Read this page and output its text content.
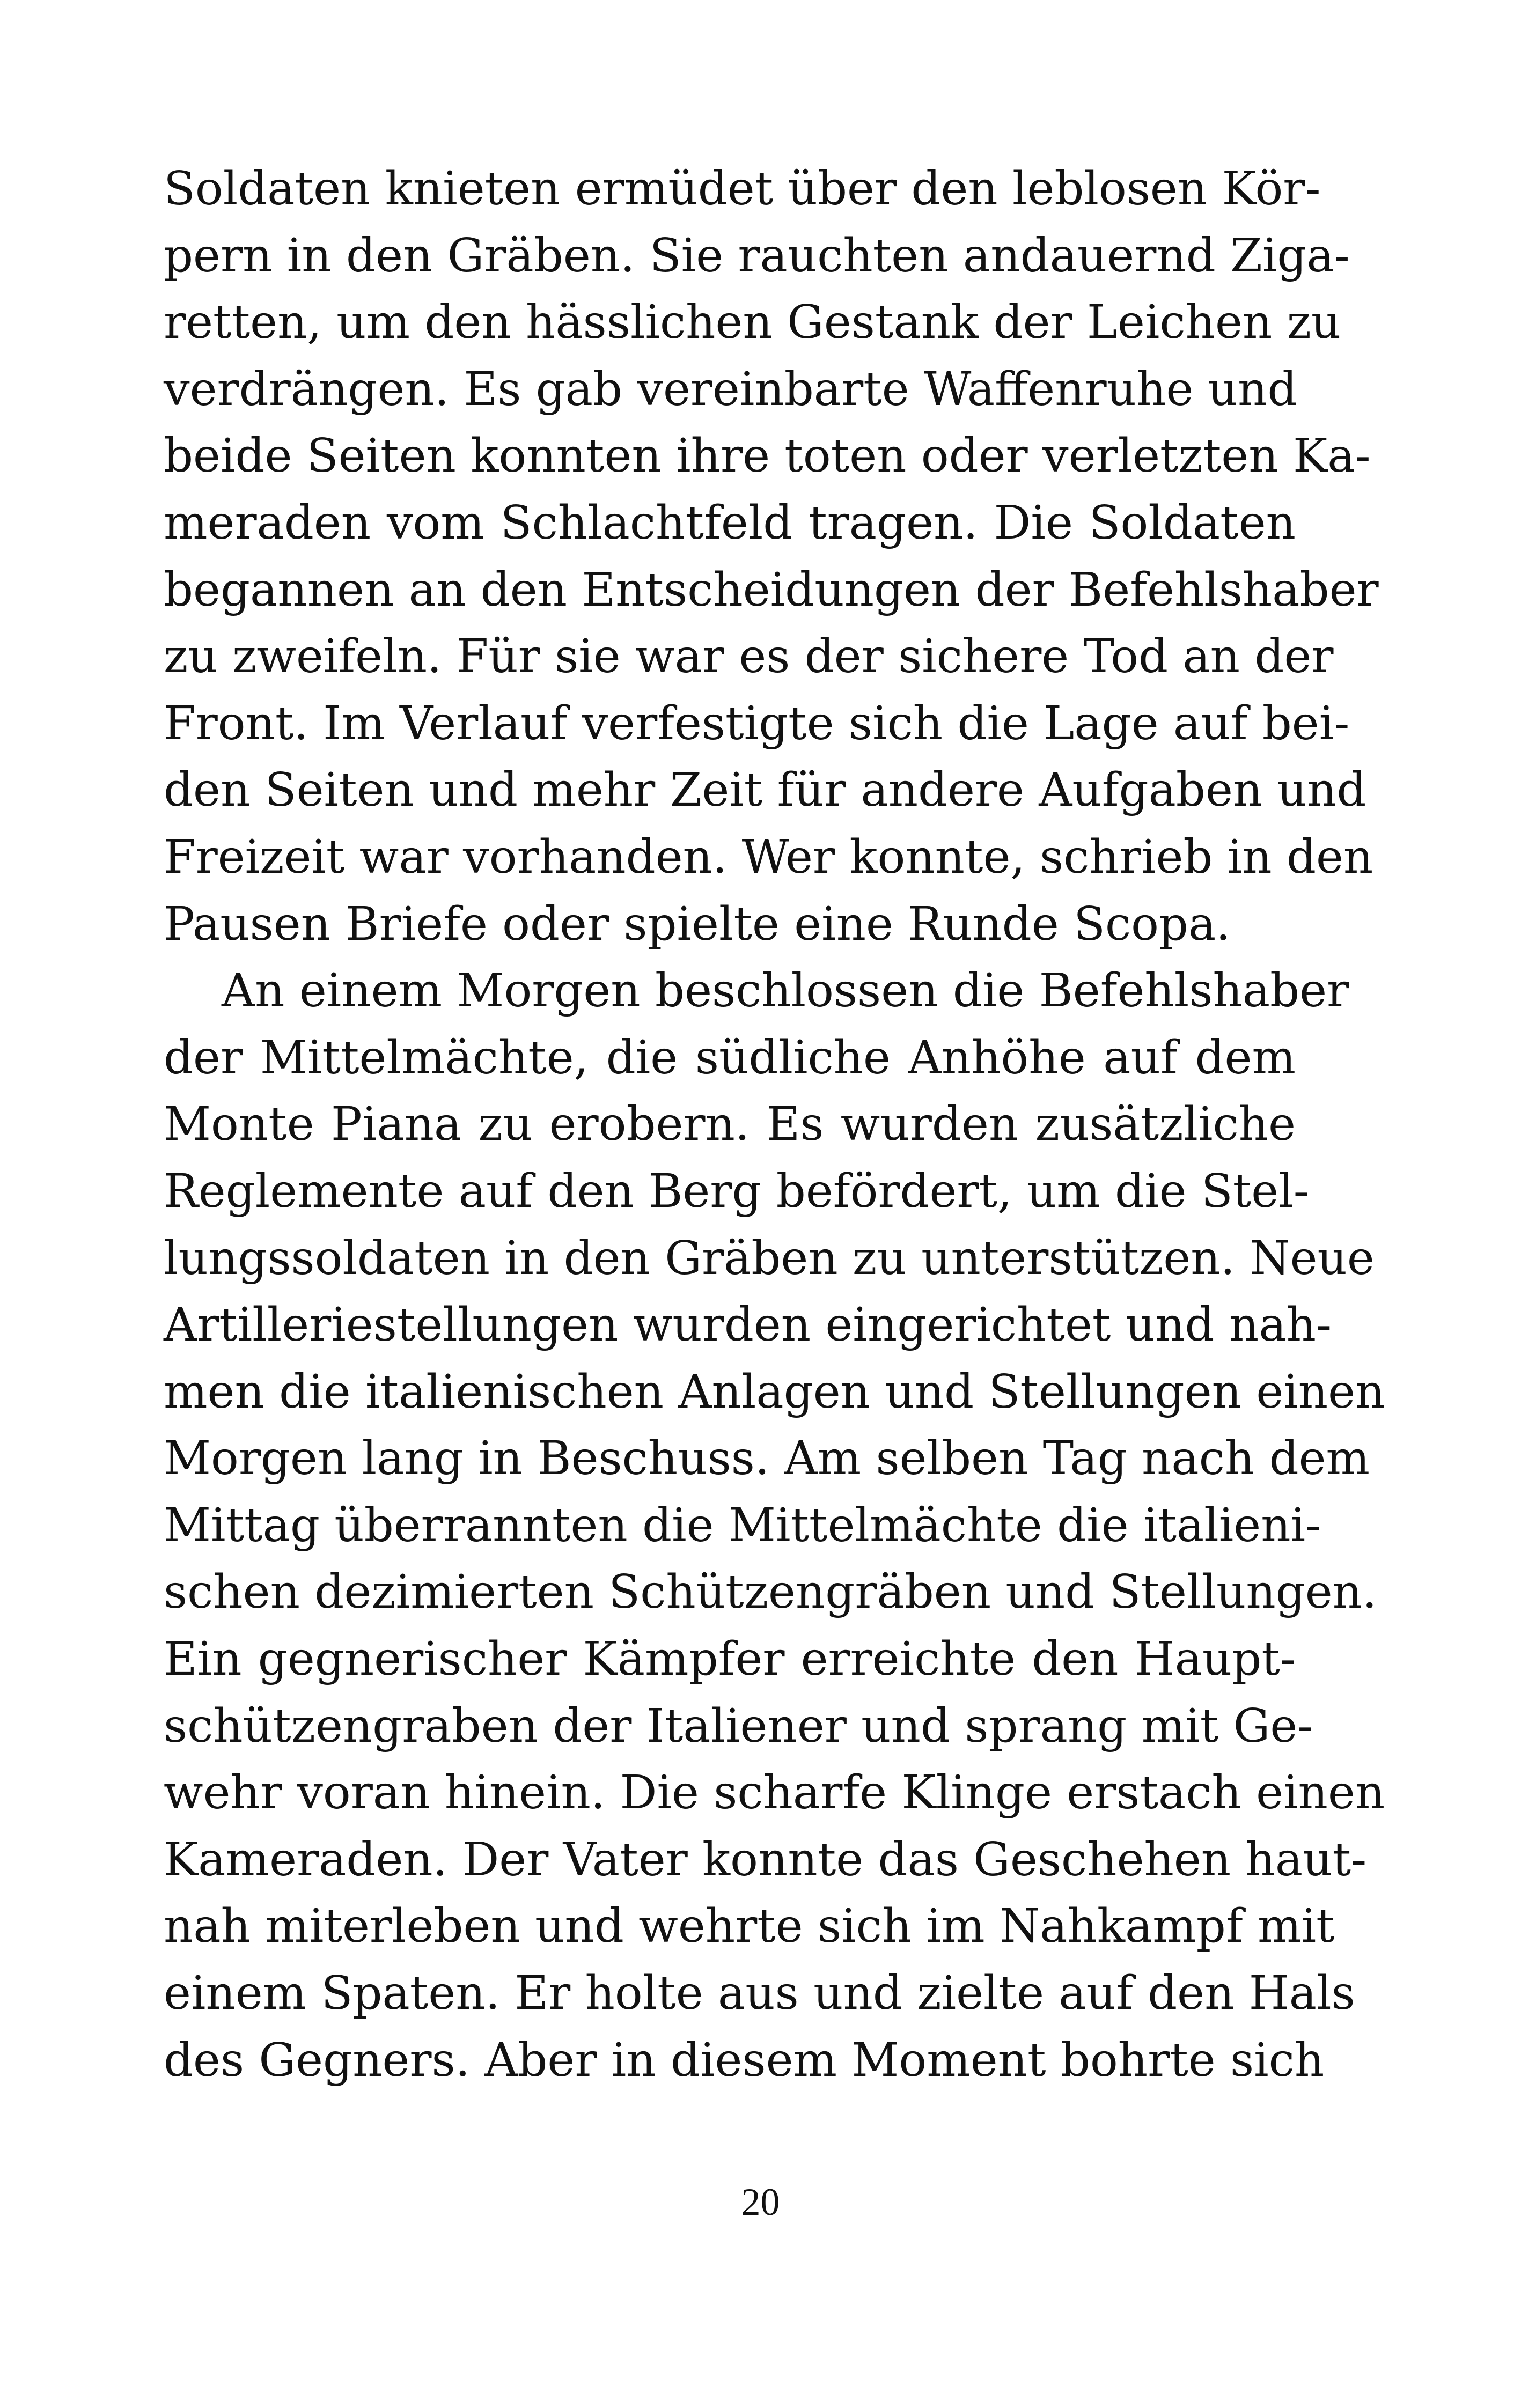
Soldaten knieten ermüdet über den leblosen Kör-
pern in den Gräben. Sie rauchten andauernd Ziga-
retten, um den hässlichen Gestank der Leichen zu
verdrängen. Es gab vereinbarte Waffenruhe und
beide Seiten konnten ihre toten oder verletzten Ka-
meraden vom Schlachtfeld tragen. Die Soldaten
begannen an den Entscheidungen der Befehlshaber
zu zweifeln. Für sie war es der sichere Tod an der
Front. Im Verlauf verfestigte sich die Lage auf bei-
den Seiten und mehr Zeit für andere Aufgaben und
Freizeit war vorhanden. Wer konnte, schrieb in den
Pausen Briefe oder spielte eine Runde Scopa.
An einem Morgen beschlossen die Befehlshaber
der Mittelmächte, die südliche Anhöhe auf dem
Monte Piana zu erobern. Es wurden zusätzliche
Reglemente auf den Berg befördert, um die Stel-
lungssoldaten in den Gräben zu unterstützen. Neue
Artilleriestellungen wurden eingerichtet und nah-
men die italienischen Anlagen und Stellungen einen
Morgen lang in Beschuss. Am selben Tag nach dem
Mittag überrannten die Mittelmächte die italieni-
schen dezimierten Schützengräben und Stellungen.
Ein gegnerischer Kämpfer erreichte den Haupt-
schützengraben der Italiener und sprang mit Ge-
wehr voran hinein. Die scharfe Klinge erstach einen
Kameraden. Der Vater konnte das Geschehen haut-
nah miterleben und wehrte sich im Nahkampf mit
einem Spaten. Er holte aus und zielte auf den Hals
des Gegners. Aber in diesem Moment bohrte sich
20
